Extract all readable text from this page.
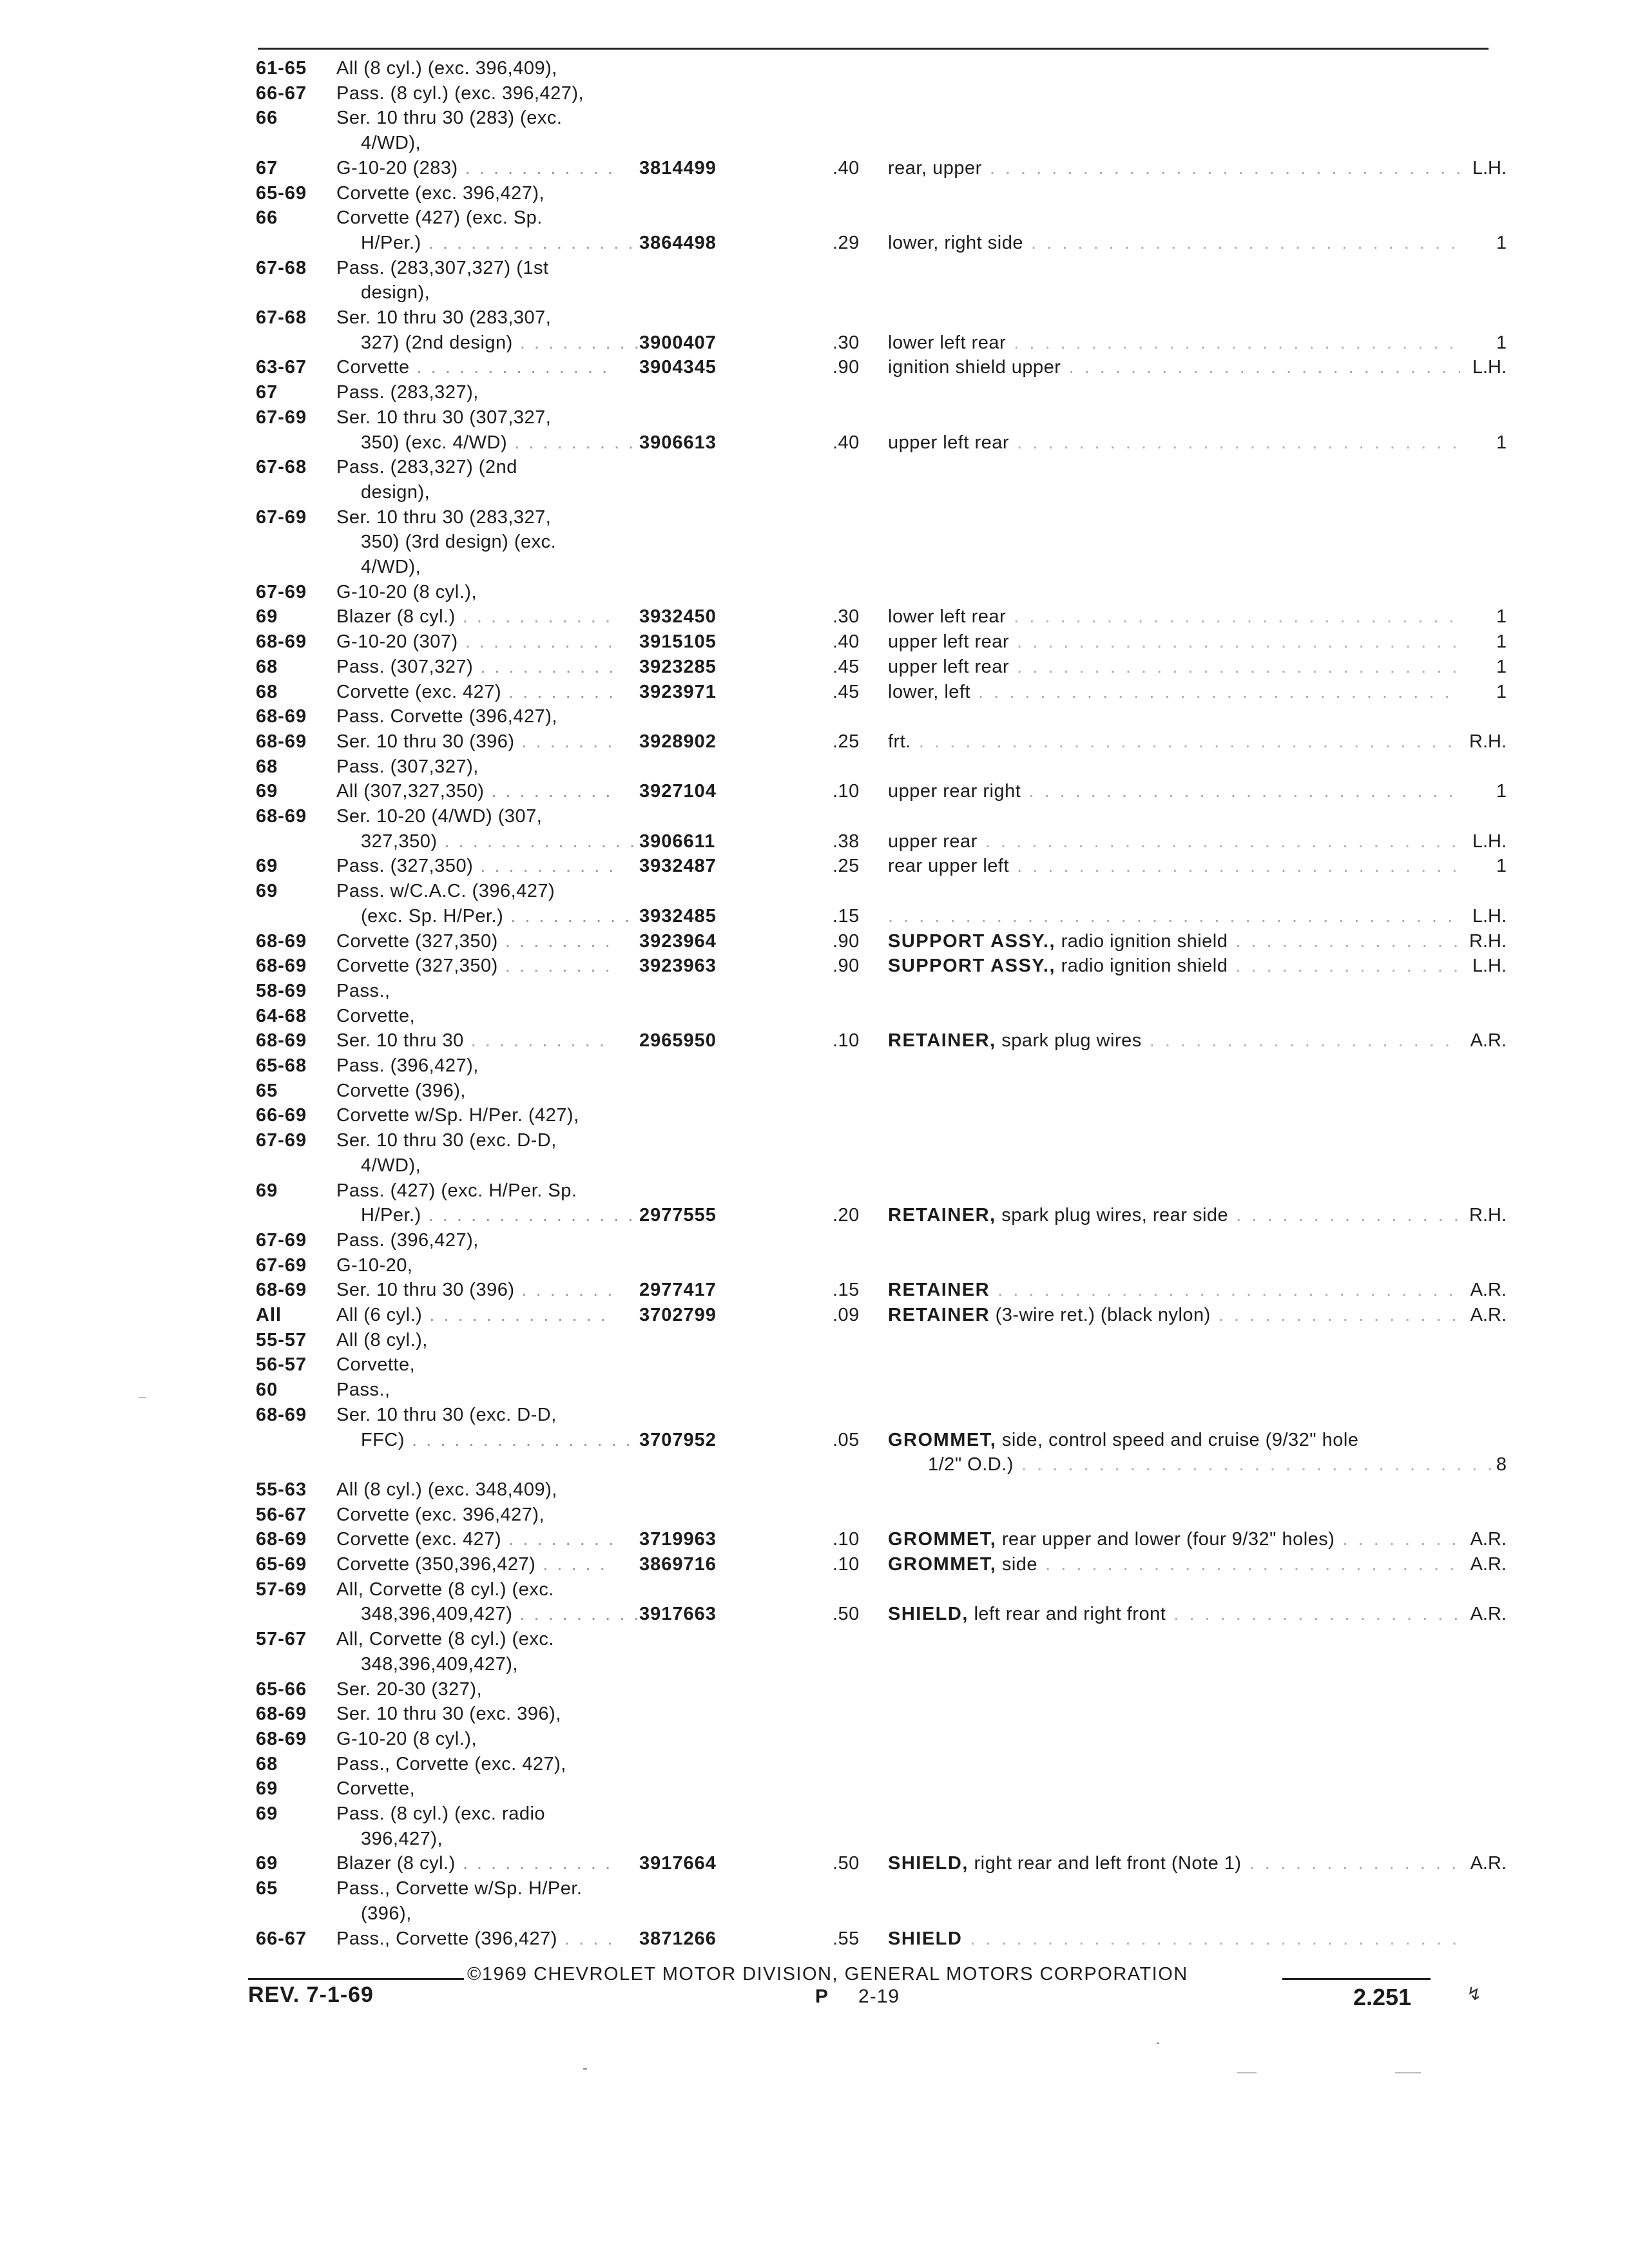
61-65 All (8 cyl.) (exc. 396,409),
66-67 Pass. (8 cyl.) (exc. 396,427),
66	Ser. 10 thru 30 (283) (exc.
4/WD),
67	G-10-20 (283) . . .	3814499	.40 rear, upper . . .	L.H.
65-69 Corvette (exc. 396,427),
66	Corvette (427) (exc. Sp.
H/Per.) . . .	3864498	.29 lower, right side . . .	1
67-68 Pass. (283,307,327) (1st
design),
67-68 Ser. 10 thru 30 (283,307,
327) (2nd design) . . .	3900407	.30 lower left rear . . .	1
63-67 Corvette . . .	3904345	.90 ignition shield upper . . .	L.H.
67	Pass. (283,327),
67-69 Ser. 10 thru 30 (307,327,
350) (exc. 4/WD) . . .	3906613	.40 upper left rear . . .	1
67-68 Pass. (283,327) (2nd
design),
67-69 Ser. 10 thru 30 (283,327,
350) (3rd design) (exc.
4/WD),
67-69 G-10-20 (8 cyl.),
69	Blazer (8 cyl.) . . .	3932450	.30 lower left rear . . .	1
68-69 G-10-20 (307) . . .	3915105	.40 upper left rear . . .	1
68	Pass. (307,327) . . .	3923285	.45 upper left rear . . .	1
68	Corvette (exc. 427) . . .	3923971	.45 lower, left . . .	1
68-69 Pass. Corvette (396,427),
68-69 Ser. 10 thru 30 (396) . . .	3928902	.25 frt. . . .	R.H.
68	Pass. (307,327),
69	All (307,327,350) . . .	3927104	.10 upper rear right . . .	1
68-69 Ser. 10-20 (4/WD) (307,
327,350) . . .	3906611	.38 upper rear . . .	L.H.
69	Pass. (327,350) . . .	3932487	.25 rear upper left . . .	1
69	Pass. w/C.A.C. (396,427)
(exc. Sp. H/Per.) . . .	3932485	.15 . . .	L.H.
68-69 Corvette (327,350) . . .	3923964	.90 SUPPORT ASSY., radio ignition shield . . .	R.H.
68-69 Corvette (327,350) . . .	3923963	.90 SUPPORT ASSY., radio ignition shield . . .	L.H.
58-69 Pass.,
64-68 Corvette,
68-69 Ser. 10 thru 30 . . .	2965950	.10 RETAINER, spark plug wires . . .	A.R.
65-68 Pass. (396,427),
65	Corvette (396),
66-69 Corvette w/Sp. H/Per. (427),
67-69 Ser. 10 thru 30 (exc. D-D,
4/WD),
69	Pass. (427) (exc. H/Per. Sp.
H/Per.) . . .	2977555	.20 RETAINER, spark plug wires, rear side . . .	R.H.
67-69 Pass. (396,427),
67-69 G-10-20,
68-69 Ser. 10 thru 30 (396) . . .	2977417	.15 RETAINER . . .	A.R.
All	All (6 cyl.) . . .	3702799	.09 RETAINER (3-wire ret.) (black nylon) . . .	A.R.
55-57 All (8 cyl.),
56-57 Corvette,
60	Pass.,
68-69 Ser. 10 thru 30 (exc. D-D,
FFC) . . .	3707952	.05 GROMMET, side, control speed and cruise (9/32" hole
1/2" O.D.) . . .	8
55-63 All (8 cyl.) (exc. 348,409),
56-67 Corvette (exc. 396,427),
68-69 Corvette (exc. 427) . . .	3719963	.10 GROMMET, rear upper and lower (four 9/32" holes) . . .	A.R.
65-69 Corvette (350,396,427) . . .	3869716	.10 GROMMET, side . . .	A.R.
57-69 All, Corvette (8 cyl.) (exc.
348,396,409,427) . . .	3917663	.50 SHIELD, left rear and right front . . .	A.R.
57-67 All, Corvette (8 cyl.) (exc.
348,396,409,427),
65-66 Ser. 20-30 (327),
68-69 Ser. 10 thru 30 (exc. 396),
68-69 G-10-20 (8 cyl.),
68	Pass., Corvette (exc. 427),
69	Corvette,
69	Pass. (8 cyl.) (exc. radio
396,427),
69	Blazer (8 cyl.) . . .	3917664	.50 SHIELD, right rear and left front (Note 1) . . .	A.R.
65	Pass., Corvette w/Sp. H/Per.
(396),
66-67 Pass., Corvette (396,427) . . .	3871266	.55 SHIELD . . .
©1969 CHEVROLET MOTOR DIVISION, GENERAL MOTORS CORPORATION
REV. 7-1-69	P 2-19	2.251	↯
